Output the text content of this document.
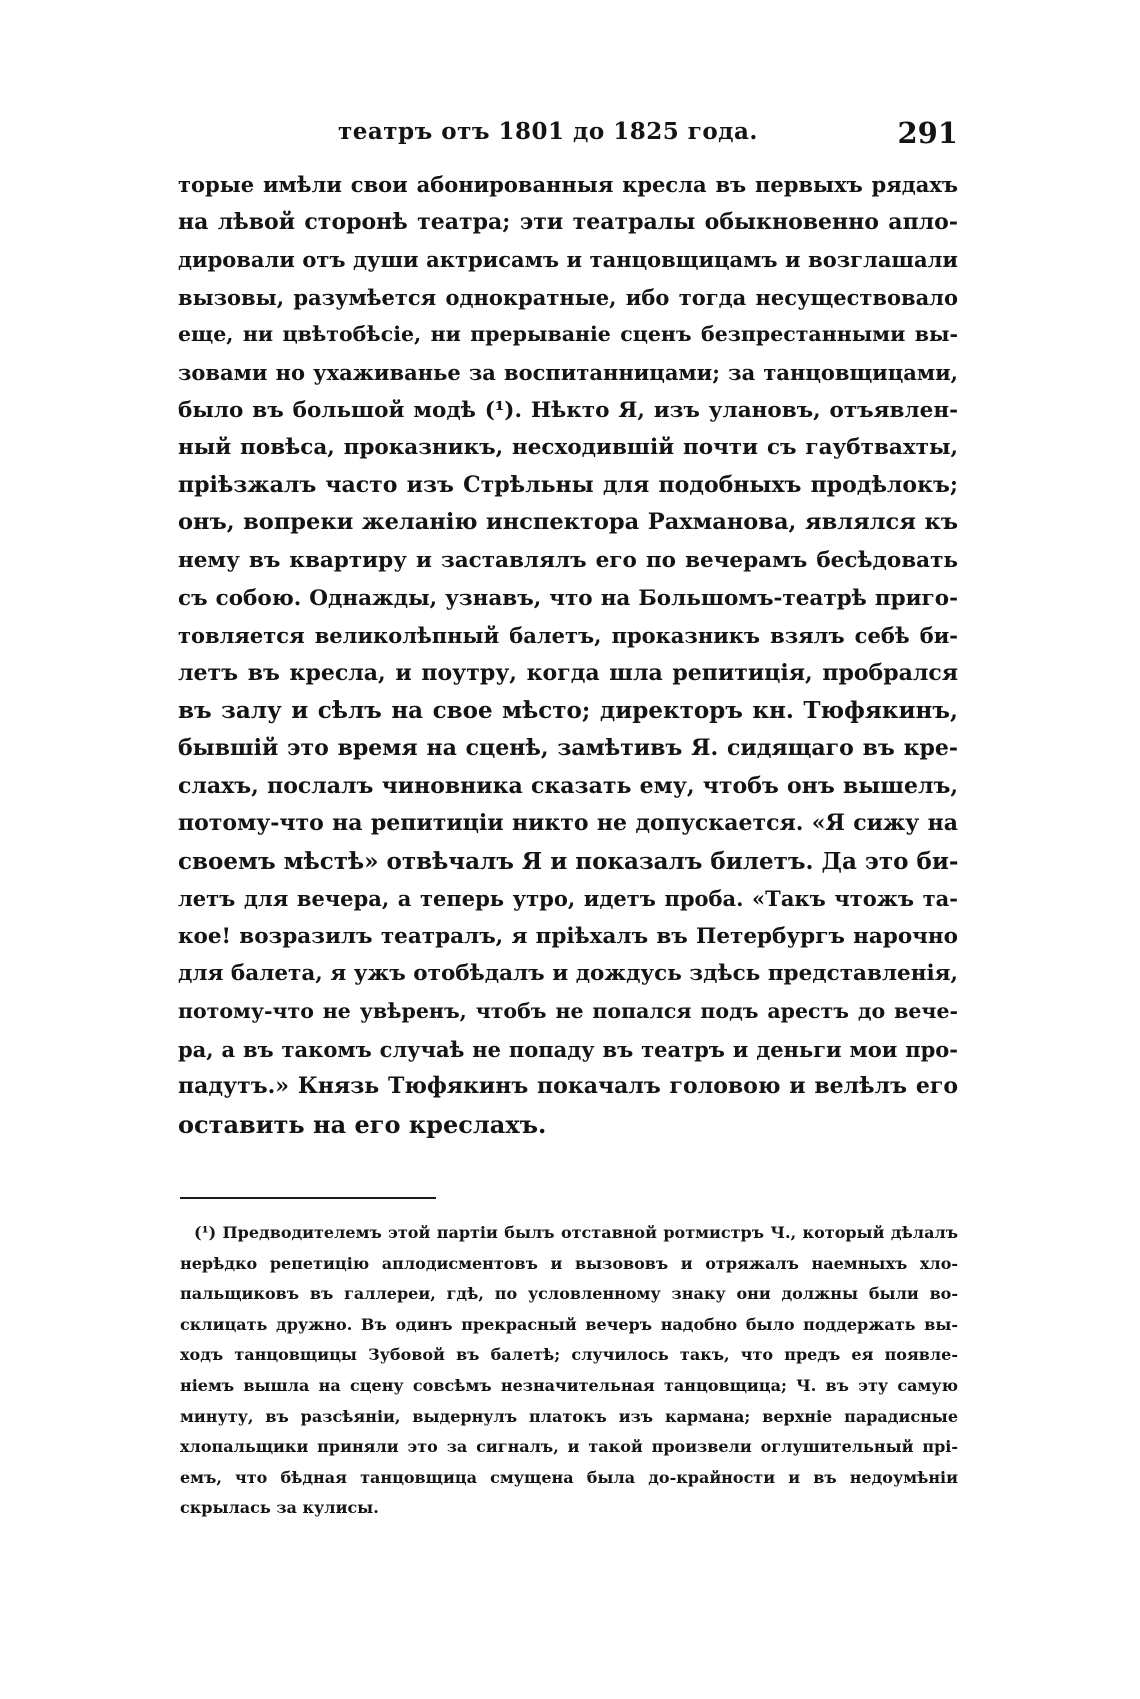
театръ отъ 1801 до 1825 года.	291
торые имѣли свои абонированныя кресла въ первыхъ рядахъ
на лѣвой сторонѣ театра; эти театралы обыкновенно апло-
дировали отъ души актрисамъ и танцовщицамъ и возглашали
вызовы, разумѣется однократные, ибо тогда несуществовало
еще, ни цвѣтобѣсіе, ни прерываніе сценъ безпрестанными вы-
зовами но ухаживанье за воспитанницами; за танцовщицами,
было въ большой модѣ (¹). Нѣкто Я, изъ улановъ, отъявлен-
ный повѣса, проказникъ, несходившій почти съ гаубтвахты,
пріѣзжалъ часто изъ Стрѣльны для подобныхъ продѣлокъ;
онъ, вопреки желанію инспектора Рахманова, являлся къ
нему въ квартиру и заставлялъ его по вечерамъ бесѣдовать
съ собою. Однажды, узнавъ, что на Большомъ-театрѣ приго-
товляется великолѣпный балетъ, проказникъ взялъ себѣ би-
летъ въ кресла, и поутру, когда шла репитиція, пробрался
въ залу и сѣлъ на свое мѣсто; директоръ кн. Тюфякинъ,
бывшій это время на сценѣ, замѣтивъ Я. сидящаго въ кре-
слахъ, послалъ чиновника сказать ему, чтобъ онъ вышелъ,
потому-что на репитиціи никто не допускается. «Я сижу на
своемъ мѣстѣ» отвѣчалъ Я и показалъ билетъ. Да это би-
летъ для вечера, а теперь утро, идетъ проба. «Такъ чтожъ та-
кое! возразилъ театралъ, я пріѣхалъ въ Петербургъ нарочно
для балета, я ужъ отобѣдалъ и дождусь здѣсь представленія,
потому-что не увѣренъ, чтобъ не попался подъ арестъ до вече-
ра, а въ такомъ случаѣ не попаду въ театръ и деньги мои про-
падутъ.» Князь Тюфякинъ покачалъ головою и велѣлъ его
оставить на его креслахъ.
(¹) Предводителемъ этой партіи былъ отставной ротмистръ Ч., который дѣлалъ
нерѣдко репетицію аплодисментовъ и вызововъ и отряжалъ наемныхъ хло-
пальщиковъ въ галлереи, гдѣ, по условленному знаку они должны были во-
склицать дружно. Въ одинъ прекрасный вечеръ надобно было поддержать вы-
ходъ танцовщицы Зубовой въ балетѣ; случилось такъ, что предъ ея появле-
ніемъ вышла на сцену совсѣмъ незначительная танцовщица; Ч. въ эту самую
минуту, въ разсѣяніи, выдернулъ платокъ изъ кармана; верхніе парадисные
хлопальщики приняли это за сигналъ, и такой произвели оглушительный прі-
емъ, что бѣдная танцовщица смущена была до-крайности и въ недоумѣніи
скрылась за кулисы.
